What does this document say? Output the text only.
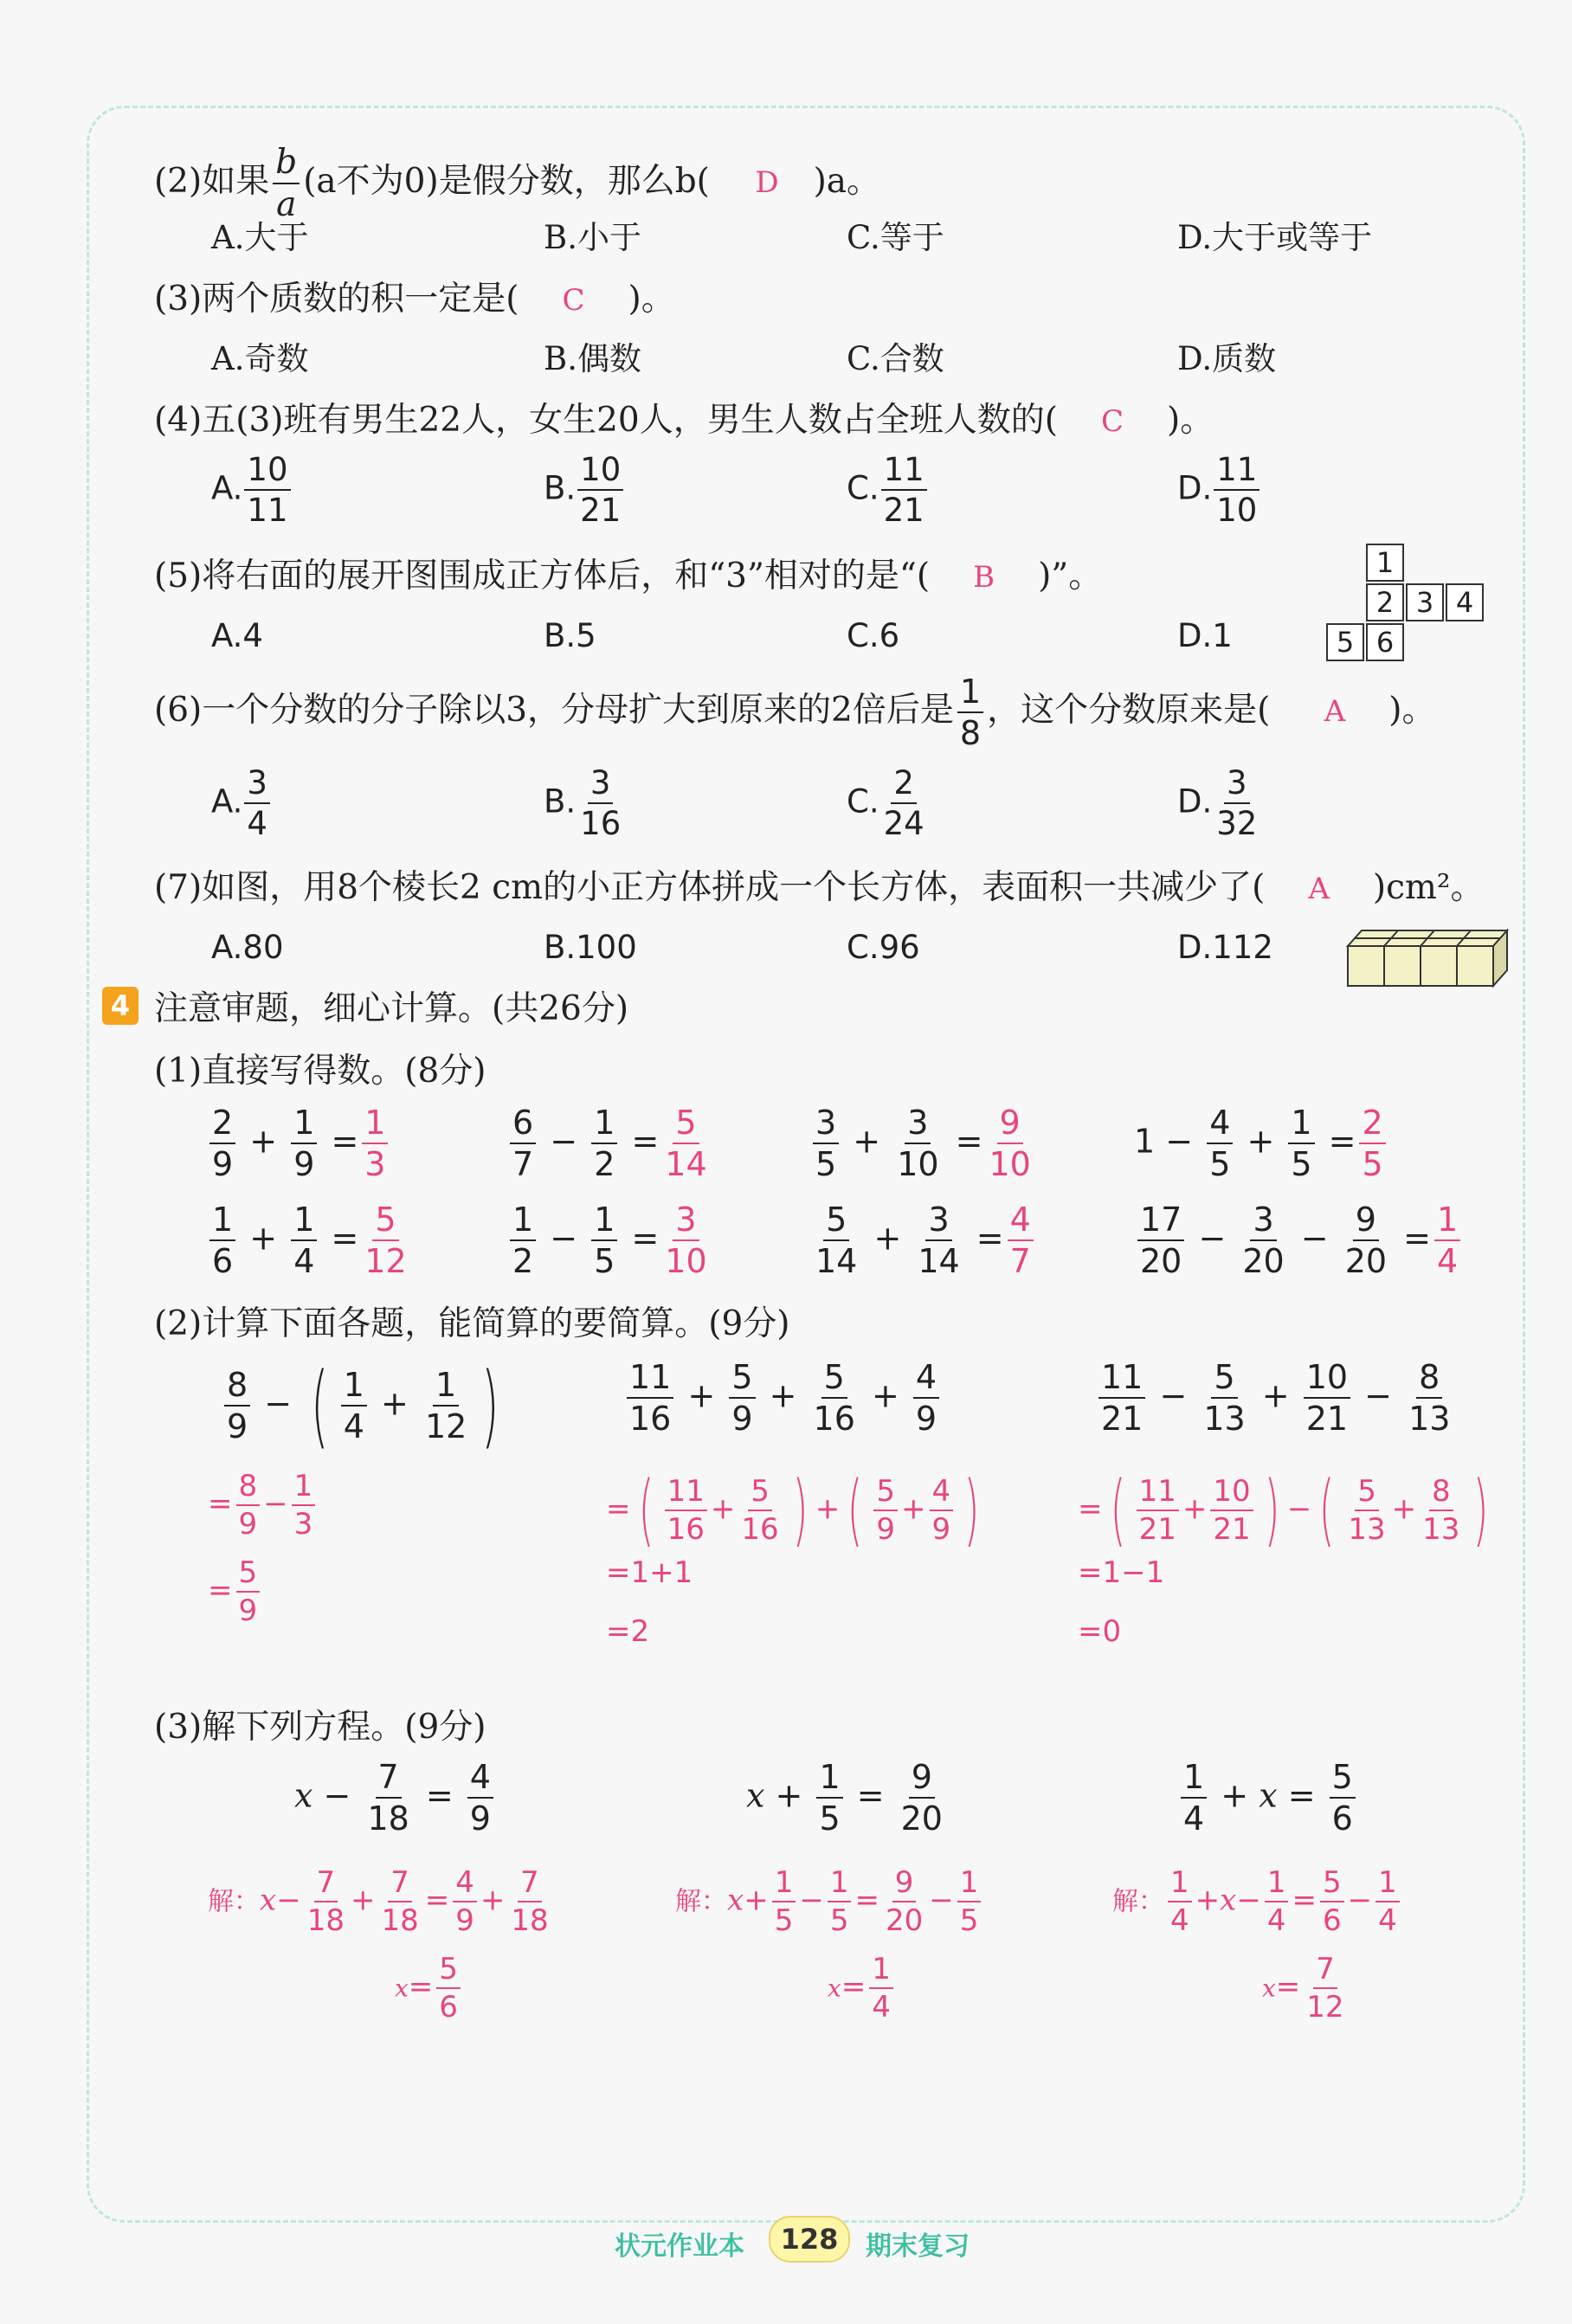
(2)如果 $\frac{b}{a} (a$不为0)是假分数，那么b( D )a。
A.大于	B.小于	C.等于	D.大于或等于
(3)两个质数的积一定是( C )。
A.奇数	B.偶数	C.合数	D.质数
(4)五(3)班有男生22人，女生20人，男生人数占全班人数的( C )。
A. $\frac{10}{11}$	B. $\frac{10}{21}$	C. $\frac{11}{21}$	D. $\frac{11}{10}$
(5)将右面的展开图围成正方体后，和“3”相对的是“( B )”。
A.4	B.5	C.6	D.1
1
2 3 4
5 6
(6)一个分数的分子除以3，分母扩大到原来的2倍后是 $\frac{1}{8}$ ，这个分数原来是( A )。
A. $\frac{3}{4}$	B. $\frac{3}{16}$	C. $\frac{2}{24}$	D. $\frac{3}{32}$
(7)如图，用8个棱长2 cm的小正方体拼成一个长方体，表面积一共减少了( A )cm²。
A.80	B.100	C.96	D.112
4 注意审题，细心计算。(共26分)
(1)直接写得数。(8分)
$\frac{2}{9} + \frac{1}{9} = \frac{1}{3}$	$\frac{6}{7} - \frac{1}{2} = \frac{5}{14}$	$\frac{3}{5} + \frac{3}{10} = \frac{9}{10}$	$1 - \frac{4}{5} + \frac{1}{5} = \frac{2}{5}$
$\frac{1}{6} + \frac{1}{4} = \frac{5}{12}$	$\frac{1}{2} - \frac{1}{5} = \frac{3}{10}$	$\frac{5}{14} + \frac{3}{14} = \frac{4}{7}$	$\frac{17}{20} - \frac{3}{20} - \frac{9}{20} = \frac{1}{4}$
(2)计算下面各题，能简算的要简算。(9分)
$\frac{8}{9}$ − ( $\frac{1}{4} + \frac{1}{12}$ )	$\frac{11}{16} + \frac{5}{9} + \frac{5}{16} + \frac{4}{9}$	$\frac{11}{21} - \frac{5}{13} + \frac{10}{21} - \frac{8}{13}$
= $\frac{8}{9} - \frac{1}{3}$
= $\frac{5}{9}$
=( $\frac{11}{16} + \frac{5}{16}$ ) +( $\frac{5}{9} + \frac{4}{9}$ )
=1+1
=2
=( $\frac{11}{21} + \frac{10}{21}$ ) −( $\frac{5}{13} + \frac{8}{13}$ )
=1−1
=0
(3)解下列方程。(9分)
$x - \frac{7}{18} = \frac{4}{9}$	$x + \frac{1}{5} = \frac{9}{20}$	$\frac{1}{4} + x = \frac{5}{6}$
解：$x- \frac{7}{18} + \frac{7}{18} = \frac{4}{9} + \frac{7}{18}$
$x= \frac{5}{6}$
解：$x+ \frac{1}{5} - \frac{1}{5} = \frac{9}{20} - \frac{1}{5}$
$x= \frac{1}{4}$
解： $\frac{1}{4} +x- \frac{1}{4} = \frac{5}{6} - \frac{1}{4}$
$x= \frac{7}{12}$
状元作业本	128	期末复习
